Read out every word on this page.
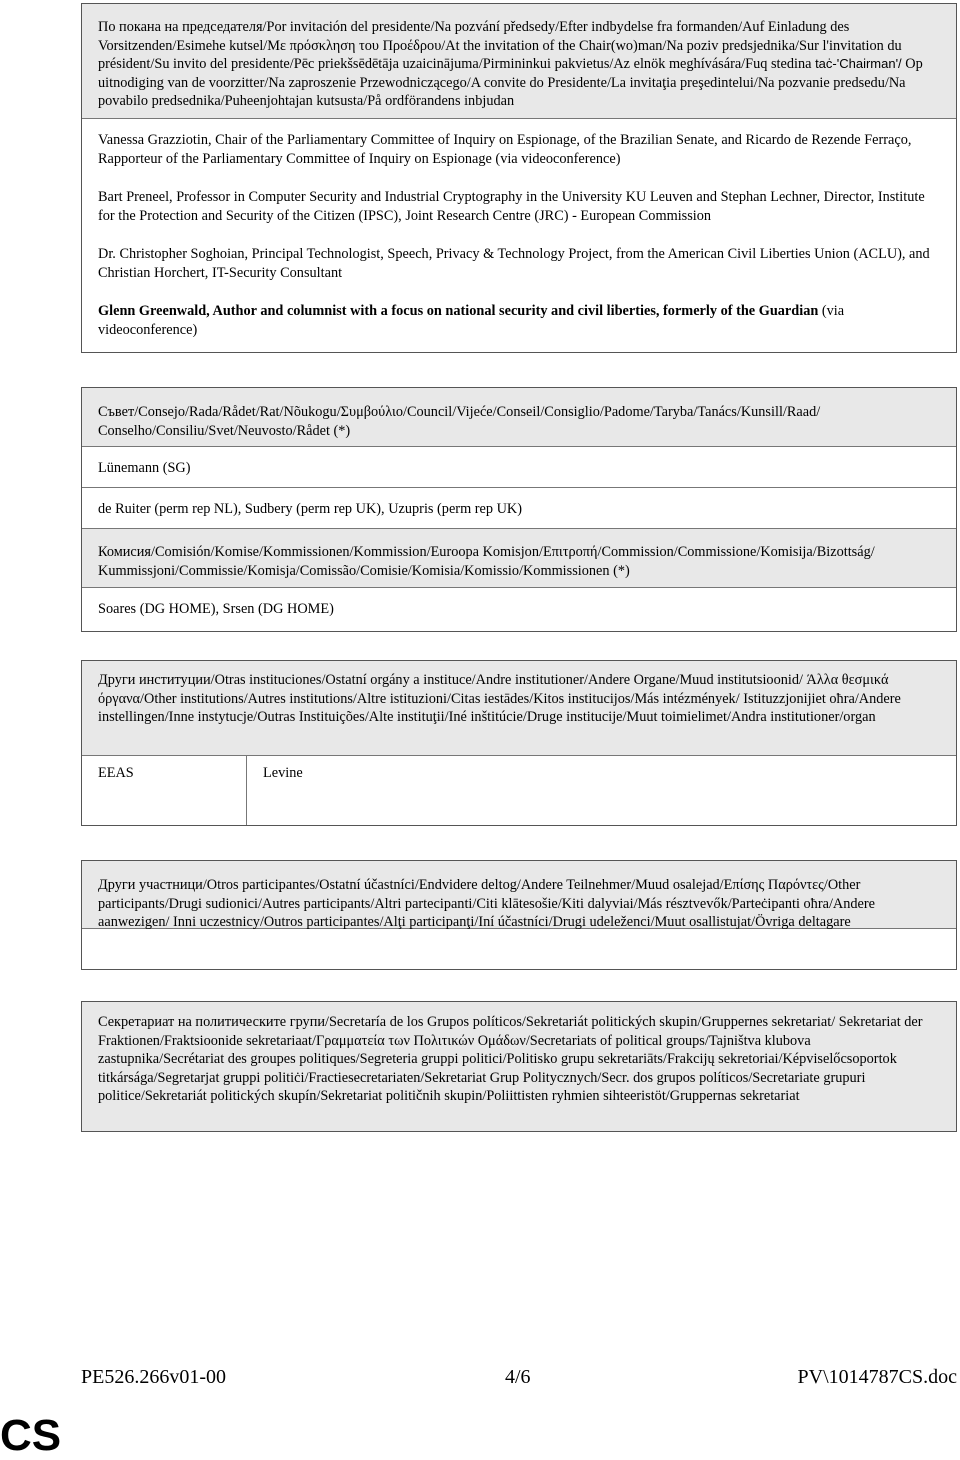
По покана на председателя/Por invitación del presidente/Na pozvání předsedy/Efter indbydelse fra formanden/Auf Einladung des Vorsitzenden/Esimehe kutsel/Με πρόσκληση του Προέδρου/At the invitation of the Chair(wo)man/Na poziv predsjednika/Sur l'invitation du président/Su invito del presidente/Pēc priekšsēdētāja uzaicinājuma/Pirmininkui pakvietus/Az elnök meghívására/Fuq stedina taċ-'Chairman'/ Op uitnodiging van de voorzitter/Na zaproszenie Przewodniczącego/A convite do Presidente/La invitaţia preşedintelui/Na pozvanie predsedu/Na povabilo predsednika/Puheenjohtajan kutsusta/På ordförandens inbjudan

Vanessa Grazziotin, Chair of the Parliamentary Committee of Inquiry on Espionage, of the Brazilian Senate, and Ricardo de Rezende Ferraço, Rapporteur of the Parliamentary Committee of Inquiry on Espionage (via videoconference)

Bart Preneel, Professor in Computer Security and Industrial Cryptography in the University KU Leuven and Stephan Lechner, Director, Institute for the Protection and Security of the Citizen (IPSC), Joint Research Centre (JRC) - European Commission

Dr. Christopher Soghoian, Principal Technologist, Speech, Privacy & Technology Project, from the American Civil Liberties Union (ACLU), and Christian Horchert, IT-Security Consultant

Glenn Greenwald, Author and columnist with a focus on national security and civil liberties, formerly of the Guardian (via videoconference)

Съвет/Consejo/Rada/Rådet/Rat/Nõukogu/Συμβούλιο/Council/Vijeće/Conseil/Consiglio/Padome/Taryba/Tanács/Kunsill/Raad/ Conselho/Consiliu/Svet/Neuvosto/Rådet (*)

Lünemann (SG)

de Ruiter (perm rep NL), Sudbery (perm rep UK), Uzupris (perm rep UK)

Комисия/Comisión/Komise/Kommissionen/Kommission/Euroopa Komisjon/Επιτροπή/Commission/Commissione/Komisija/Bizottság/ Kummissjoni/Commissie/Komisja/Comissão/Comisie/Komisia/Komissio/Kommissionen (*)

Soares (DG HOME), Srsen (DG HOME)

Други институции/Otras instituciones/Ostatní orgány a instituce/Andre institutioner/Andere Organe/Muud institutsioonid/ Άλλα θεσμικά όργανα/Other institutions/Autres institutions/Altre istituzioni/Citas iestādes/Kitos institucijos/Más intézmények/ Istituzzjonijiet oħra/Andere instellingen/Inne instytucje/Outras Instituições/Alte instituţii/Iné inštitúcie/Druge institucije/Muut toimielimet/Andra institutioner/organ

EEAS	Levine

Други участници/Otros participantes/Ostatní účastníci/Endvidere deltog/Andere Teilnehmer/Muud osalejad/Επίσης Παρόντες/Other participants/Drugi sudionici/Autres participants/Altri partecipanti/Citi klātesošie/Kiti dalyviai/Más résztvevők/Parteċipanti oħra/Andere aanwezigen/ Inni uczestnicy/Outros participantes/Alţi participanţi/Iní účastníci/Drugi udeleženci/Muut osallistujat/Övriga deltagare

Секретариат на политическите групи/Secretaría de los Grupos políticos/Sekretariát politických skupin/Gruppernes sekretariat/ Sekretariat der Fraktionen/Fraktsioonide sekretariaat/Γραμματεία των Πολιτικών Ομάδων/Secretariats of political groups/Tajništva klubova zastupnika/Secrétariat des groupes politiques/Segreteria gruppi politici/Politisko grupu sekretariāts/Frakcijų sekretoriai/Képviselőcsoportok titkársága/Segretarjat gruppi politiċi/Fractiesecretariaten/Sekretariat Grup Politycznych/Secr. dos grupos políticos/Secretariate grupuri politice/Sekretariát politických skupín/Sekretariat političnih skupin/Poliittisten ryhmien sihteeristöt/Gruppernas sekretariat

PE526.266v01-00	4/6	PV\1014787CS.doc
CS
